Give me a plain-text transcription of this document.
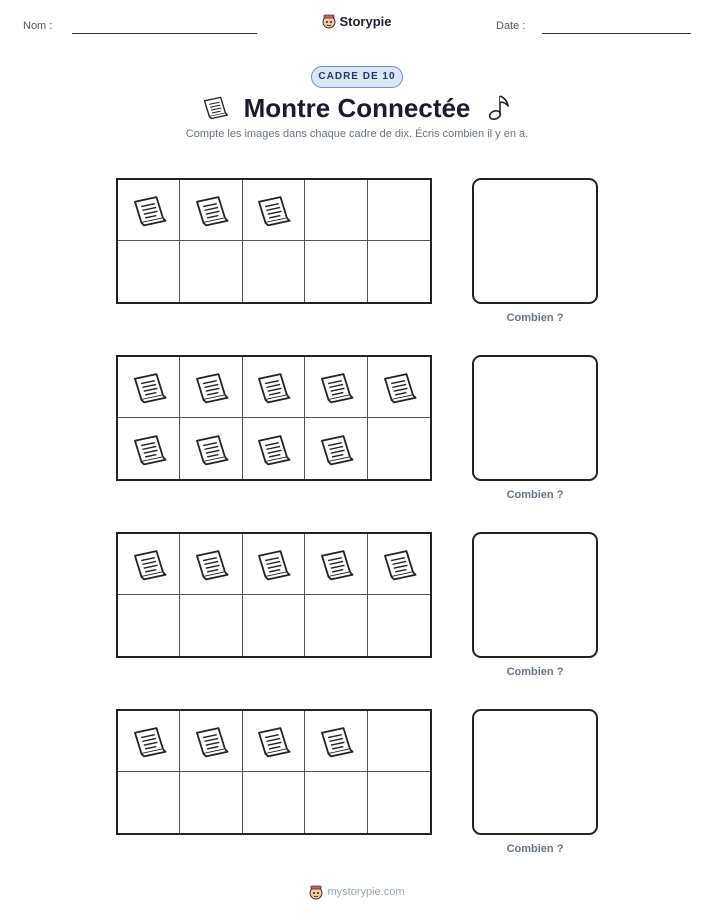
Nom :	Storypie	Date :
CADRE DE 10
Montre Connectée
Compte les images dans chaque cadre de dix. Écris combien il y en a.
Combien ?
Combien ?
Combien ?
Combien ?
mystorypie.com
